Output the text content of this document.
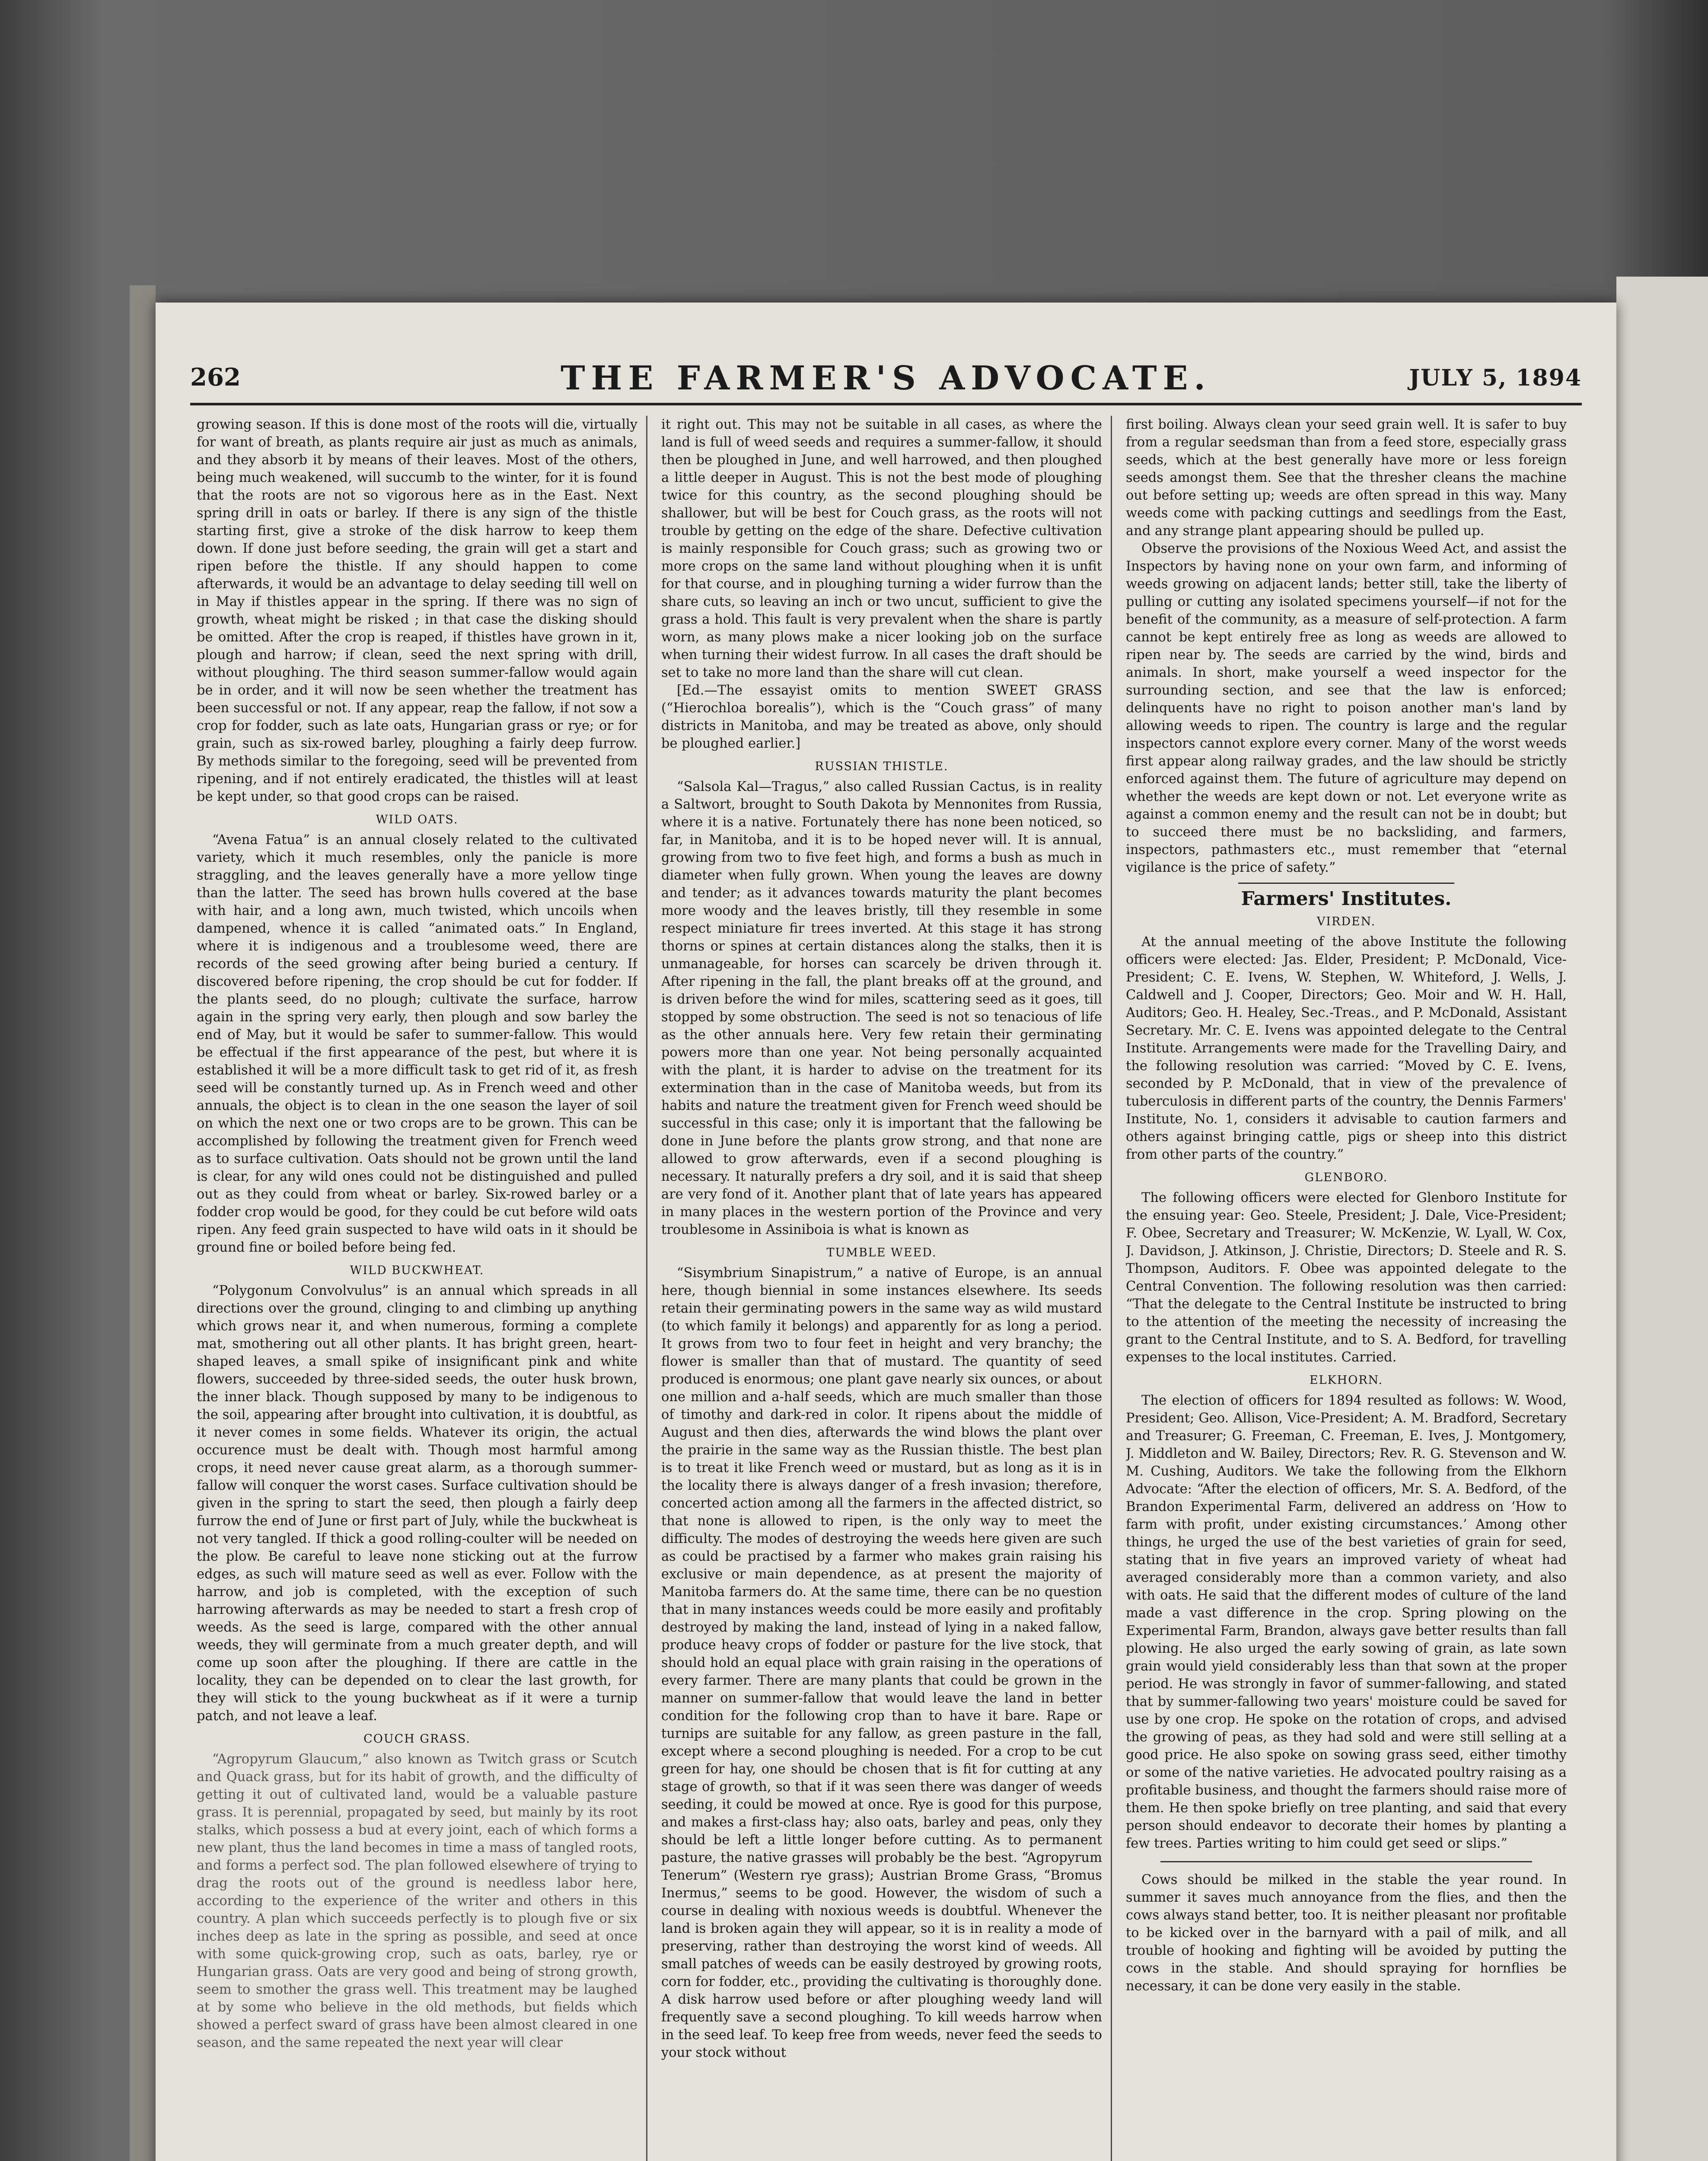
262	THE FARMER'S ADVOCATE.	JULY 5, 1894

growing season. If this is done most of the roots will die, virtually for want of breath, as plants require air just as much as animals, and they absorb it by means of their leaves. Most of the others, being much weakened, will succumb to the winter, for it is found that the roots are not so vigorous here as in the East. Next spring drill in oats or barley. If there is any sign of the thistle starting first, give a stroke of the disk harrow to keep them down. If done just before seeding, the grain will get a start and ripen before the thistle. If any should happen to come afterwards, it would be an advantage to delay seeding till well on in May if thistles appear in the spring. If there was no sign of growth, wheat might be risked ; in that case the disking should be omitted. After the crop is reaped, if thistles have grown in it, plough and harrow; if clean, seed the next spring with drill, without ploughing. The third season summer-fallow would again be in order, and it will now be seen whether the treatment has been successful or not. If any appear, reap the fallow, if not sow a crop for fodder, such as late oats, Hungarian grass or rye; or for grain, such as six-rowed barley, ploughing a fairly deep furrow. By methods similar to the foregoing, seed will be prevented from ripening, and if not entirely eradicated, the thistles will at least be kept under, so that good crops can be raised.

WILD OATS.

“Avena Fatua” is an annual closely related to the cultivated variety, which it much resembles, only the panicle is more straggling, and the leaves generally have a more yellow tinge than the latter. The seed has brown hulls covered at the base with hair, and a long awn, much twisted, which uncoils when dampened, whence it is called “animated oats.” In England, where it is indigenous and a troublesome weed, there are records of the seed growing after being buried a century. If discovered before ripening, the crop should be cut for fodder. If the plants seed, do no plough; cultivate the surface, harrow again in the spring very early, then plough and sow barley the end of May, but it would be safer to summer-fallow. This would be effectual if the first appearance of the pest, but where it is established it will be a more difficult task to get rid of it, as fresh seed will be constantly turned up. As in French weed and other annuals, the object is to clean in the one season the layer of soil on which the next one or two crops are to be grown. This can be accomplished by following the treatment given for French weed as to surface cultivation. Oats should not be grown until the land is clear, for any wild ones could not be distinguished and pulled out as they could from wheat or barley. Six-rowed barley or a fodder crop would be good, for they could be cut before wild oats ripen. Any feed grain suspected to have wild oats in it should be ground fine or boiled before being fed.

WILD BUCKWHEAT.

“Polygonum Convolvulus” is an annual which spreads in all directions over the ground, clinging to and climbing up anything which grows near it, and when numerous, forming a complete mat, smothering out all other plants. It has bright green, heart-shaped leaves, a small spike of insignificant pink and white flowers, succeeded by three-sided seeds, the outer husk brown, the inner black. Though supposed by many to be indigenous to the soil, appearing after brought into cultivation, it is doubtful, as it never comes in some fields. Whatever its origin, the actual occurence must be dealt with. Though most harmful among crops, it need never cause great alarm, as a thorough summer-fallow will conquer the worst cases. Surface cultivation should be given in the spring to start the seed, then plough a fairly deep furrow the end of June or first part of July, while the buckwheat is not very tangled. If thick a good rolling-coulter will be needed on the plow. Be careful to leave none sticking out at the furrow edges, as such will mature seed as well as ever. Follow with the harrow, and job is completed, with the exception of such harrowing afterwards as may be needed to start a fresh crop of weeds. As the seed is large, compared with the other annual weeds, they will germinate from a much greater depth, and will come up soon after the ploughing. If there are cattle in the locality, they can be depended on to clear the last growth, for they will stick to the young buckwheat as if it were a turnip patch, and not leave a leaf.

COUCH GRASS.

“Agropyrum Glaucum,” also known as Twitch grass or Scutch and Quack grass, but for its habit of growth, and the difficulty of getting it out of cultivated land, would be a valuable pasture grass. It is perennial, propagated by seed, but mainly by its root stalks, which possess a bud at every joint, each of which forms a new plant, thus the land becomes in time a mass of tangled roots, and forms a perfect sod. The plan followed elsewhere of trying to drag the roots out of the ground is needless labor here, according to the experience of the writer and others in this country. A plan which succeeds perfectly is to plough five or six inches deep as late in the spring as possible, and seed at once with some quick-growing crop, such as oats, barley, rye or Hungarian grass. Oats are very good and being of strong growth, seem to smother the grass well. This treatment may be laughed at by some who believe in the old methods, but fields which showed a perfect sward of grass have been almost cleared in one season, and the same repeated the next year will clear

it right out. This may not be suitable in all cases, as where the land is full of weed seeds and requires a summer-fallow, it should then be ploughed in June, and well harrowed, and then ploughed a little deeper in August. This is not the best mode of ploughing twice for this country, as the second ploughing should be shallower, but will be best for Couch grass, as the roots will not trouble by getting on the edge of the share. Defective cultivation is mainly responsible for Couch grass; such as growing two or more crops on the same land without ploughing when it is unfit for that course, and in ploughing turning a wider furrow than the share cuts, so leaving an inch or two uncut, sufficient to give the grass a hold. This fault is very prevalent when the share is partly worn, as many plows make a nicer looking job on the surface when turning their widest furrow. In all cases the draft should be set to take no more land than the share will cut clean.

[Ed.—The essayist omits to mention SWEET GRASS (“Hierochloa borealis”), which is the “Couch grass” of many districts in Manitoba, and may be treated as above, only should be ploughed earlier.]

RUSSIAN THISTLE.

“Salsola Kal—Tragus,” also called Russian Cactus, is in reality a Saltwort, brought to South Dakota by Mennonites from Russia, where it is a native. Fortunately there has none been noticed, so far, in Manitoba, and it is to be hoped never will. It is annual, growing from two to five feet high, and forms a bush as much in diameter when fully grown. When young the leaves are downy and tender; as it advances towards maturity the plant becomes more woody and the leaves bristly, till they resemble in some respect miniature fir trees inverted. At this stage it has strong thorns or spines at certain distances along the stalks, then it is unmanageable, for horses can scarcely be driven through it. After ripening in the fall, the plant breaks off at the ground, and is driven before the wind for miles, scattering seed as it goes, till stopped by some obstruction. The seed is not so tenacious of life as the other annuals here. Very few retain their germinating powers more than one year. Not being personally acquainted with the plant, it is harder to advise on the treatment for its extermination than in the case of Manitoba weeds, but from its habits and nature the treatment given for French weed should be successful in this case; only it is important that the fallowing be done in June before the plants grow strong, and that none are allowed to grow afterwards, even if a second ploughing is necessary. It naturally prefers a dry soil, and it is said that sheep are very fond of it. Another plant that of late years has appeared in many places in the western portion of the Province and very troublesome in Assiniboia is what is known as

TUMBLE WEED.

“Sisymbrium Sinapistrum,” a native of Europe, is an annual here, though biennial in some instances elsewhere. Its seeds retain their germinating powers in the same way as wild mustard (to which family it belongs) and apparently for as long a period. It grows from two to four feet in height and very branchy; the flower is smaller than that of mustard. The quantity of seed produced is enormous; one plant gave nearly six ounces, or about one million and a-half seeds, which are much smaller than those of timothy and dark-red in color. It ripens about the middle of August and then dies, afterwards the wind blows the plant over the prairie in the same way as the Russian thistle. The best plan is to treat it like French weed or mustard, but as long as it is in the locality there is always danger of a fresh invasion; therefore, concerted action among all the farmers in the affected district, so that none is allowed to ripen, is the only way to meet the difficulty. The modes of destroying the weeds here given are such as could be practised by a farmer who makes grain raising his exclusive or main dependence, as at present the majority of Manitoba farmers do. At the same time, there can be no question that in many instances weeds could be more easily and profitably destroyed by making the land, instead of lying in a naked fallow, produce heavy crops of fodder or pasture for the live stock, that should hold an equal place with grain raising in the operations of every farmer. There are many plants that could be grown in the manner on summer-fallow that would leave the land in better condition for the following crop than to have it bare. Rape or turnips are suitable for any fallow, as green pasture in the fall, except where a second ploughing is needed. For a crop to be cut green for hay, one should be chosen that is fit for cutting at any stage of growth, so that if it was seen there was danger of weeds seeding, it could be mowed at once. Rye is good for this purpose, and makes a first-class hay; also oats, barley and peas, only they should be left a little longer before cutting. As to permanent pasture, the native grasses will probably be the best. “Agropyrum Tenerum” (Western rye grass); Austrian Brome Grass, “Bromus Inermus,” seems to be good. However, the wisdom of such a course in dealing with noxious weeds is doubtful. Whenever the land is broken again they will appear, so it is in reality a mode of preserving, rather than destroying the worst kind of weeds. All small patches of weeds can be easily destroyed by growing roots, corn for fodder, etc., providing the cultivating is thoroughly done. A disk harrow used before or after ploughing weedy land will frequently save a second ploughing. To kill weeds harrow when in the seed leaf. To keep free from weeds, never feed the seeds to your stock without

first boiling. Always clean your seed grain well. It is safer to buy from a regular seedsman than from a feed store, especially grass seeds, which at the best generally have more or less foreign seeds amongst them. See that the thresher cleans the machine out before setting up; weeds are often spread in this way. Many weeds come with packing cuttings and seedlings from the East, and any strange plant appearing should be pulled up.

Observe the provisions of the Noxious Weed Act, and assist the Inspectors by having none on your own farm, and informing of weeds growing on adjacent lands; better still, take the liberty of pulling or cutting any isolated specimens yourself—if not for the benefit of the community, as a measure of self-protection. A farm cannot be kept entirely free as long as weeds are allowed to ripen near by. The seeds are carried by the wind, birds and animals. In short, make yourself a weed inspector for the surrounding section, and see that the law is enforced; delinquents have no right to poison another man's land by allowing weeds to ripen. The country is large and the regular inspectors cannot explore every corner. Many of the worst weeds first appear along railway grades, and the law should be strictly enforced against them. The future of agriculture may depend on whether the weeds are kept down or not. Let everyone write as against a common enemy and the result can not be in doubt; but to succeed there must be no backsliding, and farmers, inspectors, pathmasters etc., must remember that “eternal vigilance is the price of safety.”

Farmers' Institutes.
VIRDEN.

At the annual meeting of the above Institute the following officers were elected: Jas. Elder, President; P. McDonald, Vice-President; C. E. Ivens, W. Stephen, W. Whiteford, J. Wells, J. Caldwell and J. Cooper, Directors; Geo. Moir and W. H. Hall, Auditors; Geo. H. Healey, Sec.-Treas., and P. McDonald, Assistant Secretary. Mr. C. E. Ivens was appointed delegate to the Central Institute. Arrangements were made for the Travelling Dairy, and the following resolution was carried: “Moved by C. E. Ivens, seconded by P. McDonald, that in view of the prevalence of tuberculosis in different parts of the country, the Dennis Farmers' Institute, No. 1, considers it advisable to caution farmers and others against bringing cattle, pigs or sheep into this district from other parts of the country.”

GLENBORO.

The following officers were elected for Glenboro Institute for the ensuing year: Geo. Steele, President; J. Dale, Vice-President; F. Obee, Secretary and Treasurer; W. McKenzie, W. Lyall, W. Cox, J. Davidson, J. Atkinson, J. Christie, Directors; D. Steele and R. S. Thompson, Auditors. F. Obee was appointed delegate to the Central Convention. The following resolution was then carried: “That the delegate to the Central Institute be instructed to bring to the attention of the meeting the necessity of increasing the grant to the Central Institute, and to S. A. Bedford, for travelling expenses to the local institutes. Carried.

ELKHORN.

The election of officers for 1894 resulted as follows: W. Wood, President; Geo. Allison, Vice-President; A. M. Bradford, Secretary and Treasurer; G. Freeman, C. Freeman, E. Ives, J. Montgomery, J. Middleton and W. Bailey, Directors; Rev. R. G. Stevenson and W. M. Cushing, Auditors. We take the following from the Elkhorn Advocate: “After the election of officers, Mr. S. A. Bedford, of the Brandon Experimental Farm, delivered an address on ‘How to farm with profit, under existing circumstances.’ Among other things, he urged the use of the best varieties of grain for seed, stating that in five years an improved variety of wheat had averaged considerably more than a common variety, and also with oats. He said that the different modes of culture of the land made a vast difference in the crop. Spring plowing on the Experimental Farm, Brandon, always gave better results than fall plowing. He also urged the early sowing of grain, as late sown grain would yield considerably less than that sown at the proper period. He was strongly in favor of summer-fallowing, and stated that by summer-fallowing two years' moisture could be saved for use by one crop. He spoke on the rotation of crops, and advised the growing of peas, as they had sold and were still selling at a good price. He also spoke on sowing grass seed, either timothy or some of the native varieties. He advocated poultry raising as a profitable business, and thought the farmers should raise more of them. He then spoke briefly on tree planting, and said that every person should endeavor to decorate their homes by planting a few trees. Parties writing to him could get seed or slips.”

Cows should be milked in the stable the year round. In summer it saves much annoyance from the flies, and then the cows always stand better, too. It is neither pleasant nor profitable to be kicked over in the barnyard with a pail of milk, and all trouble of hooking and fighting will be avoided by putting the cows in the stable. And should spraying for hornflies be necessary, it can be done very easily in the stable.
